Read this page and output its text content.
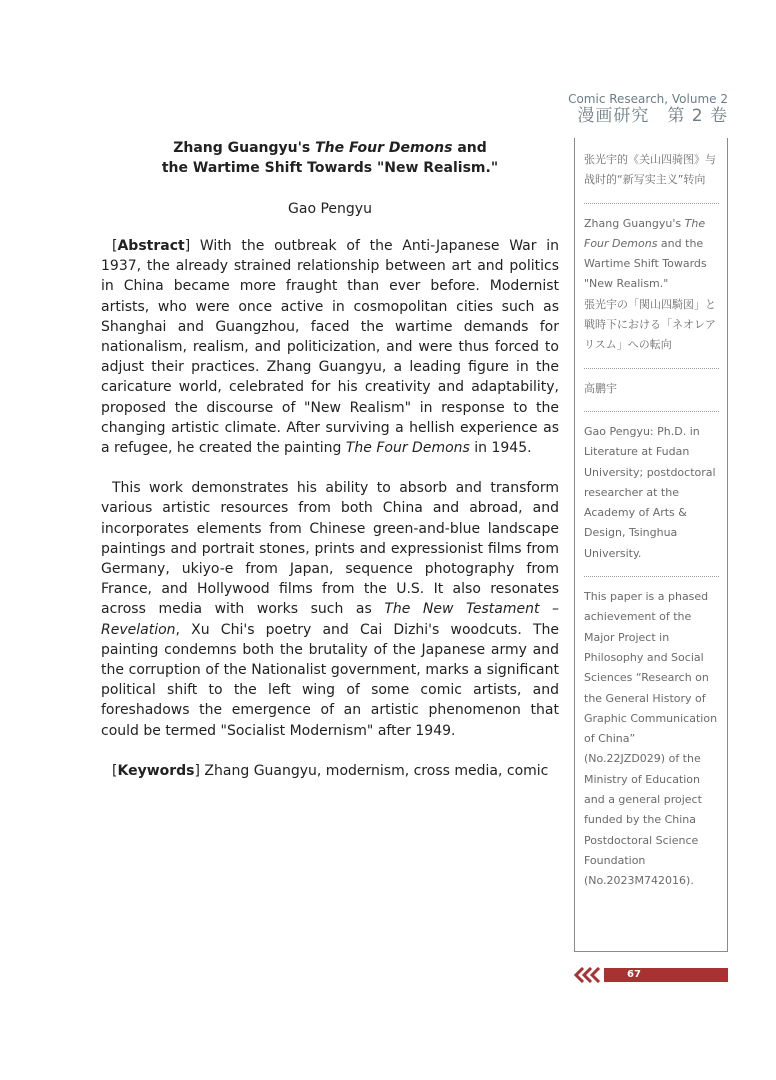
Comic Research, Volume 2
漫画研究　第 2 卷
Zhang Guangyu's The Four Demons and
the Wartime Shift Towards "New Realism."
Gao Pengyu

[Abstract] With the outbreak of the Anti-Japanese War in 1937, the already strained relationship between art and politics in China became more fraught than ever before. Modernist artists, who were once active in cosmopolitan cities such as Shanghai and Guangzhou, faced the wartime demands for nationalism, realism, and politicization, and were thus forced to adjust their practices. Zhang Guangyu, a leading figure in the caricature world, celebrated for his creativity and adaptability, proposed the discourse of "New Realism" in response to the changing artistic climate. After surviving a hellish experience as a refugee, he created the painting The Four Demons in 1945.

This work demonstrates his ability to absorb and transform various artistic resources from both China and abroad, and incorporates elements from Chinese green-and-blue landscape paintings and portrait stones, prints and expressionist films from Germany, ukiyo-e from Japan, sequence photography from France, and Hollywood films from the U.S. It also resonates across media with works such as The New Testament – Revelation, Xu Chi's poetry and Cai Dizhi's woodcuts. The painting condemns both the brutality of the Japanese army and the corruption of the Nationalist government, marks a significant political shift to the left wing of some comic artists, and foreshadows the emergence of an artistic phenomenon that could be termed "Socialist Modernism" after 1949.

[Keywords] Zhang Guangyu, modernism, cross media, comic

张光宇的《关山四骑图》与战时的“新写实主义”转向
Zhang Guangyu's The Four Demons and the Wartime Shift Towards "New Realism."
張光宇の「関山四騎図」と戦時下における「ネオレアリスム」への転向
高鹏宇
Gao Pengyu: Ph.D. in Literature at Fudan University; postdoctoral researcher at the Academy of Arts & Design, Tsinghua University.
This paper is a phased achievement of the Major Project in Philosophy and Social Sciences “Research on the General History of Graphic Communication of China” (No.22JZD029) of the Ministry of Education and a general project funded by the China Postdoctoral Science Foundation (No.2023M742016).
67
